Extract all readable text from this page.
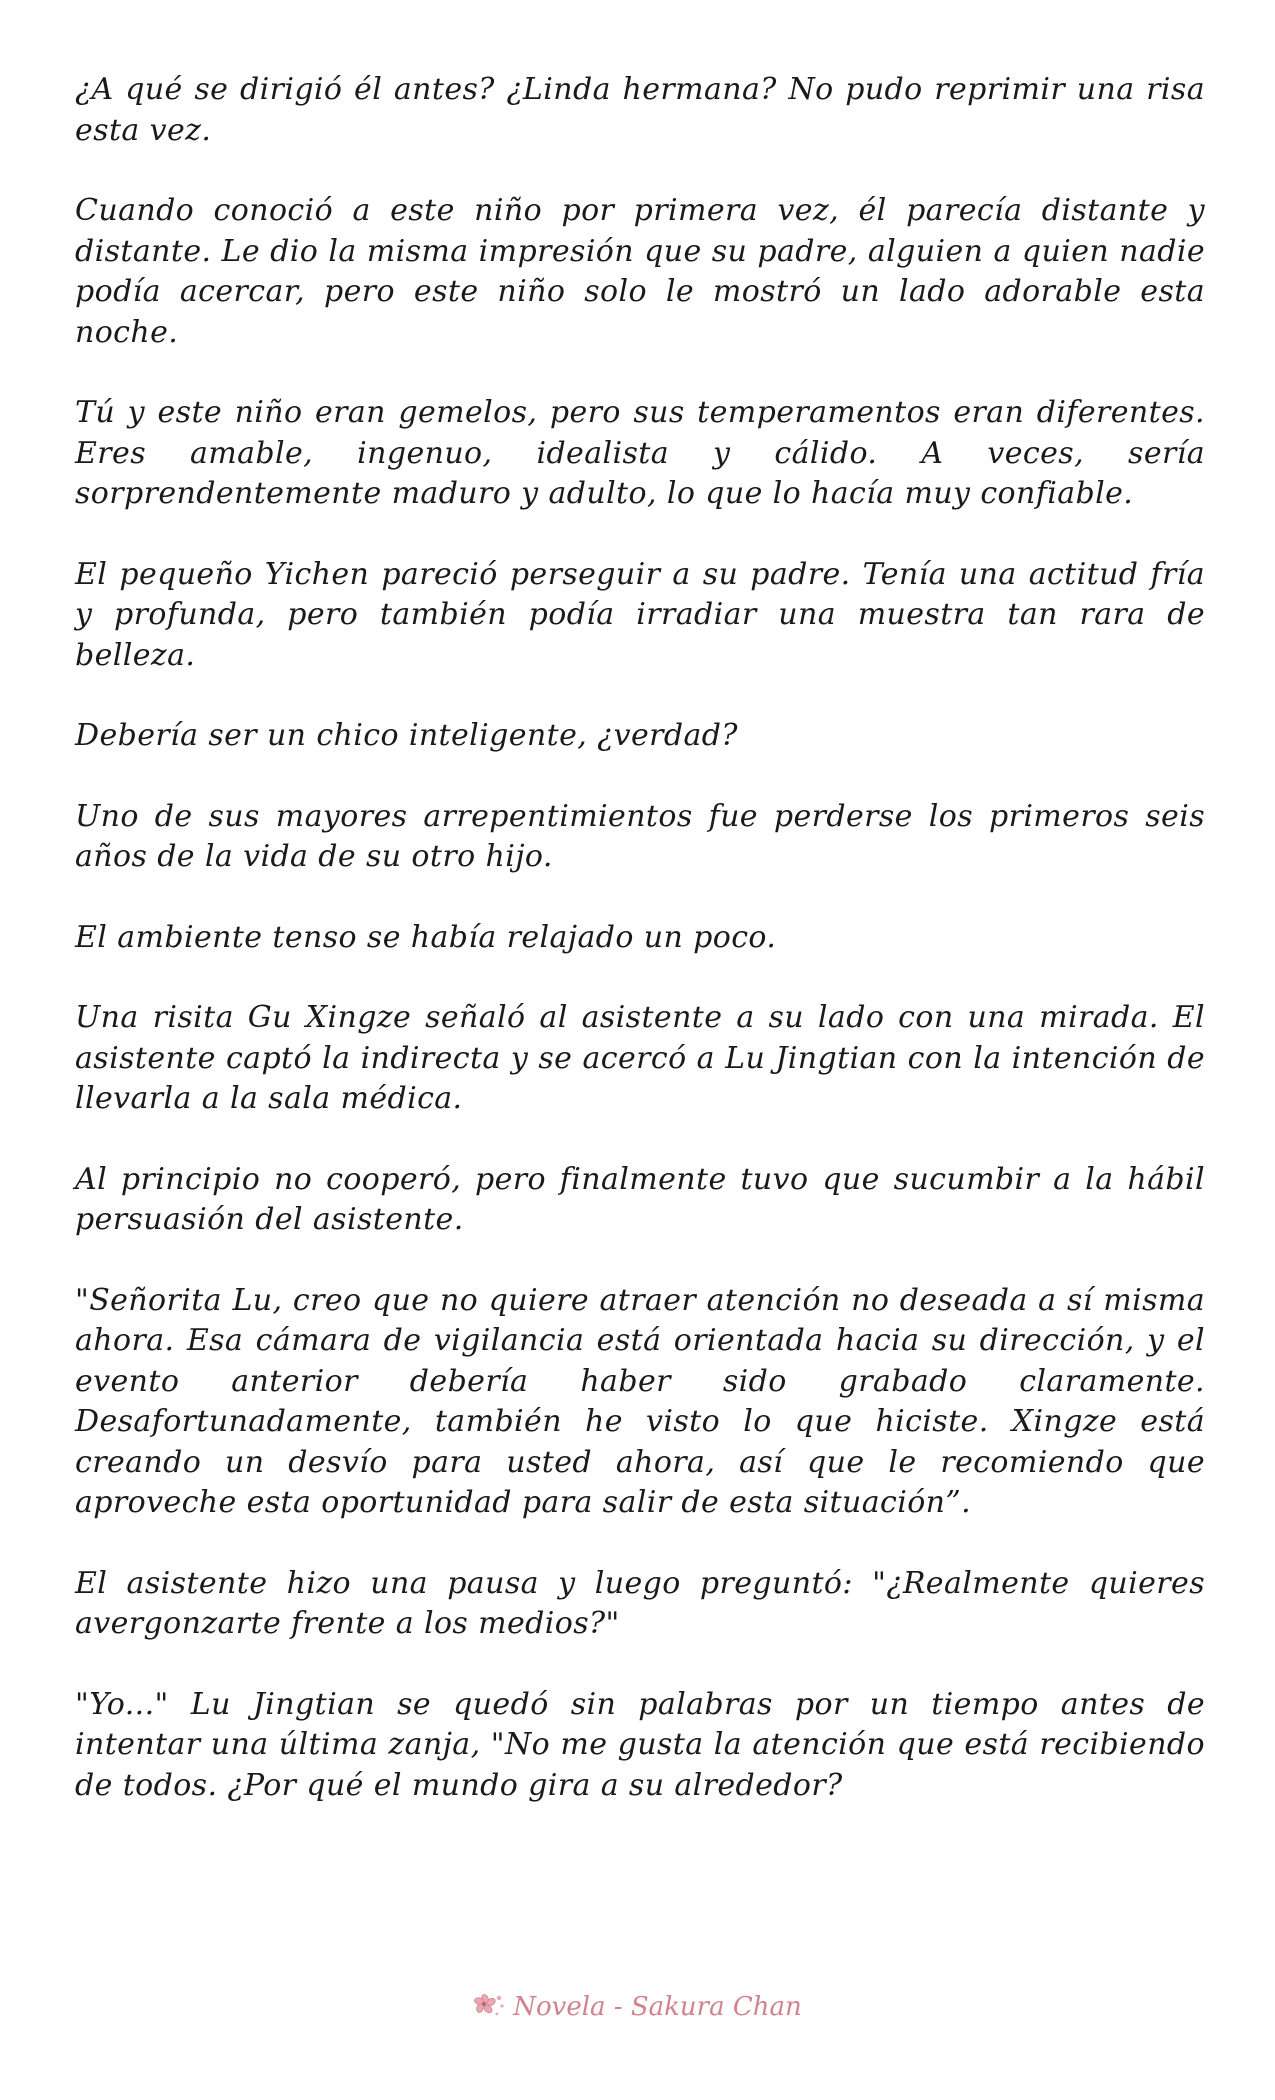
¿A qué se dirigió él antes? ¿Linda hermana? No pudo reprimir una risa esta vez.

Cuando conoció a este niño por primera vez, él parecía distante y distante. Le dio la misma impresión que su padre, alguien a quien nadie podía acercar, pero este niño solo le mostró un lado adorable esta noche.

Tú y este niño eran gemelos, pero sus temperamentos eran diferentes. Eres amable, ingenuo, idealista y cálido. A veces, sería sorprendentemente maduro y adulto, lo que lo hacía muy confiable.

El pequeño Yichen pareció perseguir a su padre. Tenía una actitud fría y profunda, pero también podía irradiar una muestra tan rara de belleza.

Debería ser un chico inteligente, ¿verdad?

Uno de sus mayores arrepentimientos fue perderse los primeros seis años de la vida de su otro hijo.

El ambiente tenso se había relajado un poco.

Una risita Gu Xingze señaló al asistente a su lado con una mirada. El asistente captó la indirecta y se acercó a Lu Jingtian con la intención de llevarla a la sala médica.

Al principio no cooperó, pero finalmente tuvo que sucumbir a la hábil persuasión del asistente.

"Señorita Lu, creo que no quiere atraer atención no deseada a sí misma ahora. Esa cámara de vigilancia está orientada hacia su dirección, y el evento anterior debería haber sido grabado claramente. Desafortunadamente, también he visto lo que hiciste. Xingze está creando un desvío para usted ahora, así que le recomiendo que aproveche esta oportunidad para salir de esta situación”.

El asistente hizo una pausa y luego preguntó: "¿Realmente quieres avergonzarte frente a los medios?"

"Yo..." Lu Jingtian se quedó sin palabras por un tiempo antes de intentar una última zanja, "No me gusta la atención que está recibiendo de todos. ¿Por qué el mundo gira a su alrededor?

Novela - Sakura Chan
